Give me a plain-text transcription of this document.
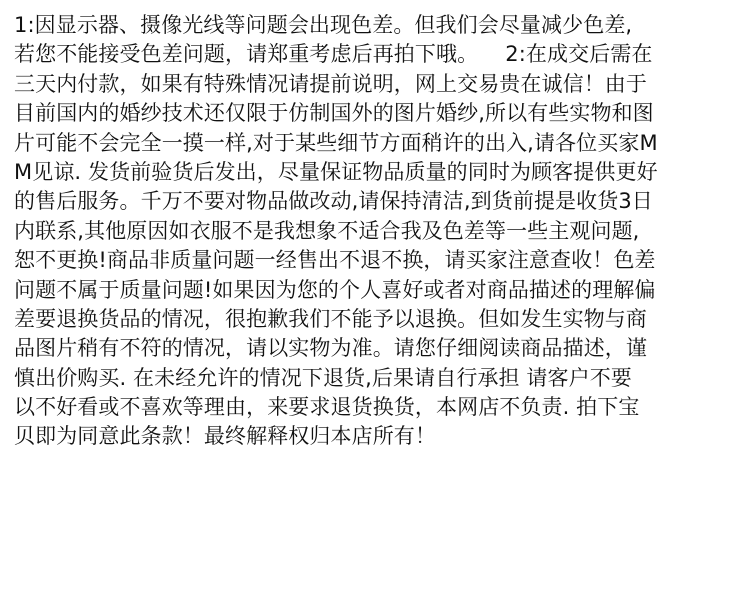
1:因显示器、摄像光线等问题会出现色差。但我们会尽量减少色差,
若您不能接受色差问题，请郑重考虑后再拍下哦。    2:在成交后需在
三天内付款，如果有特殊情况请提前说明，网上交易贵在诚信！由于
目前国内的婚纱技术还仅限于仿制国外的图片婚纱,所以有些实物和图
片可能不会完全一摸一样,对于某些细节方面稍许的出入,请各位买家M
M见谅. 发货前验货后发出，尽量保证物品质量的同时为顾客提供更好
的售后服务。千万不要对物品做改动,请保持清洁,到货前提是收货3日
内联系,其他原因如衣服不是我想象不适合我及色差等一些主观问题,
恕不更换!商品非质量问题一经售出不退不换，请买家注意查收！色差
问题不属于质量问题!如果因为您的个人喜好或者对商品描述的理解偏
差要退换货品的情况，很抱歉我们不能予以退换。但如发生实物与商
品图片稍有不符的情况，请以实物为准。请您仔细阅读商品描述，谨
慎出价购买. 在未经允许的情况下退货,后果请自行承担 请客户不要
以不好看或不喜欢等理由，来要求退货换货，本网店不负责. 拍下宝
贝即为同意此条款！最终解释权归本店所有！
